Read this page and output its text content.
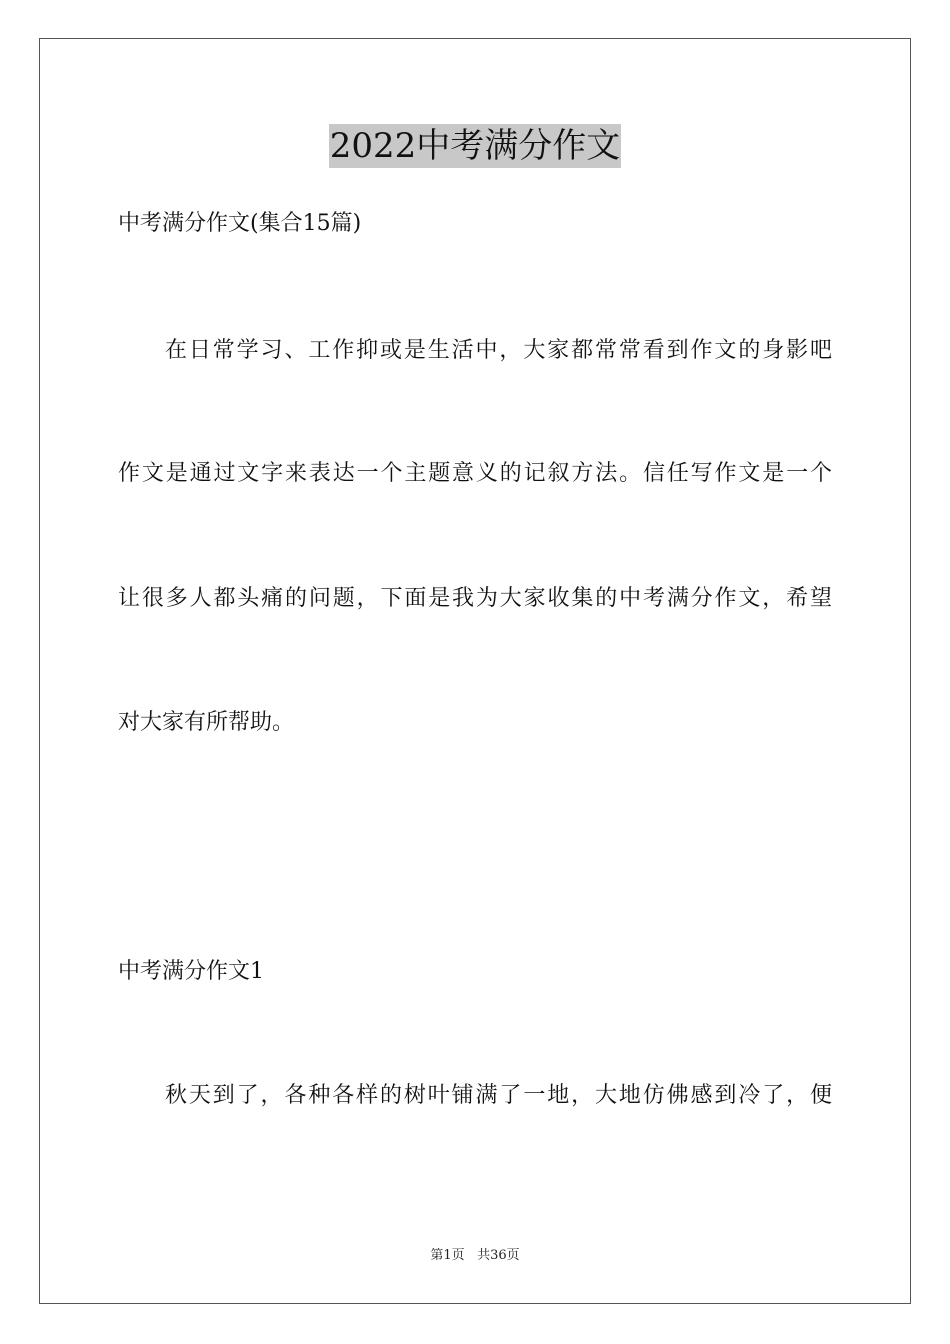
2022中考满分作文
中考满分作文(集合15篇)
在日常学习、工作抑或是生活中，大家都常常看到作文的身影吧
作文是通过文字来表达一个主题意义的记叙方法。信任写作文是一个
让很多人都头痛的问题，下面是我为大家收集的中考满分作文，希望
对大家有所帮助。
中考满分作文1
秋天到了，各种各样的树叶铺满了一地，大地仿佛感到冷了，便
第1页 共36页
